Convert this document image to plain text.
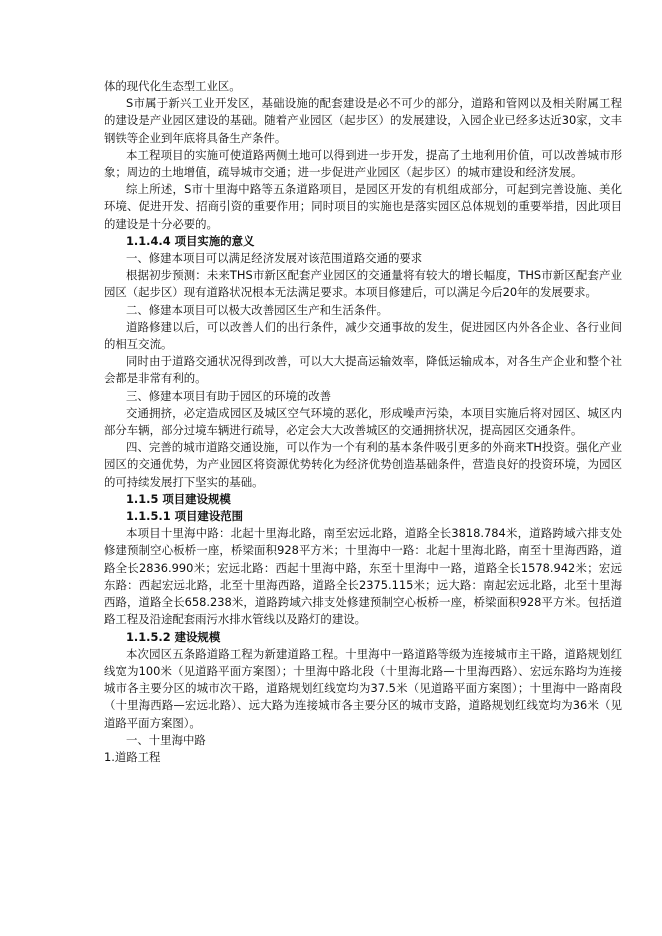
体的现代化生态型工业区。

S市属于新兴工业开发区，基础设施的配套建设是必不可少的部分，道路和管网以及相关附属工程的建设是产业园区建设的基础。随着产业园区（起步区）的发展建设，入园企业已经多达近30家，文丰钢铁等企业到年底将具备生产条件。

本工程项目的实施可使道路两侧土地可以得到进一步开发，提高了土地利用价值，可以改善城市形象；周边的土地增值，疏导城市交通；进一步促进产业园区（起步区）的城市建设和经济发展。

综上所述，S市十里海中路等五条道路项目，是园区开发的有机组成部分，可起到完善设施、美化环境、促进开发、招商引资的重要作用；同时项目的实施也是落实园区总体规划的重要举措，因此项目的建设是十分必要的。

1.1.4.4 项目实施的意义

一、修建本项目可以满足经济发展对该范围道路交通的要求

根据初步预测：未来THS市新区配套产业园区的交通量将有较大的增长幅度，THS市新区配套产业园区（起步区）现有道路状况根本无法满足要求。本项目修建后，可以满足今后20年的发展要求。

二、修建本项目可以极大改善园区生产和生活条件。

道路修建以后，可以改善人们的出行条件，减少交通事故的发生，促进园区内外各企业、各行业间的相互交流。

同时由于道路交通状况得到改善，可以大大提高运输效率，降低运输成本，对各生产企业和整个社会都是非常有利的。

三、修建本项目有助于园区的环境的改善

交通拥挤，必定造成园区及城区空气环境的恶化，形成噪声污染，本项目实施后将对园区、城区内部分车辆，部分过境车辆进行疏导，必定会大大改善城区的交通拥挤状况，提高园区交通条件。

四、完善的城市道路交通设施，可以作为一个有利的基本条件吸引更多的外商来TH投资。强化产业园区的交通优势，为产业园区将资源优势转化为经济优势创造基础条件，营造良好的投资环境，为园区的可持续发展打下坚实的基础。

1.1.5 项目建设规模

1.1.5.1 项目建设范围

本项目十里海中路：北起十里海北路，南至宏远北路，道路全长3818.784米，道路跨域六排支处修建预制空心板桥一座，桥梁面积928平方米；十里海中一路：北起十里海北路，南至十里海西路，道路全长2836.990米；宏远北路：西起十里海中路，东至十里海中一路，道路全长1578.942米；宏远东路：西起宏远北路，北至十里海西路，道路全长2375.115米；远大路：南起宏远北路，北至十里海西路，道路全长658.238米，道路跨域六排支处修建预制空心板桥一座，桥梁面积928平方米。包括道路工程及沿途配套雨污水排水管线以及路灯的建设。

1.1.5.2 建设规模

本次园区五条路道路工程为新建道路工程。十里海中一路道路等级为连接城市主干路，道路规划红线宽为100米（见道路平面方案图）；十里海中路北段（十里海北路—十里海西路）、宏远东路均为连接城市各主要分区的城市次干路，道路规划红线宽均为37.5米（见道路平面方案图）；十里海中一路南段（十里海西路—宏远北路）、远大路为连接城市各主要分区的城市支路，道路规划红线宽均为36米（见道路平面方案图）。

一、十里海中路

1.道路工程
